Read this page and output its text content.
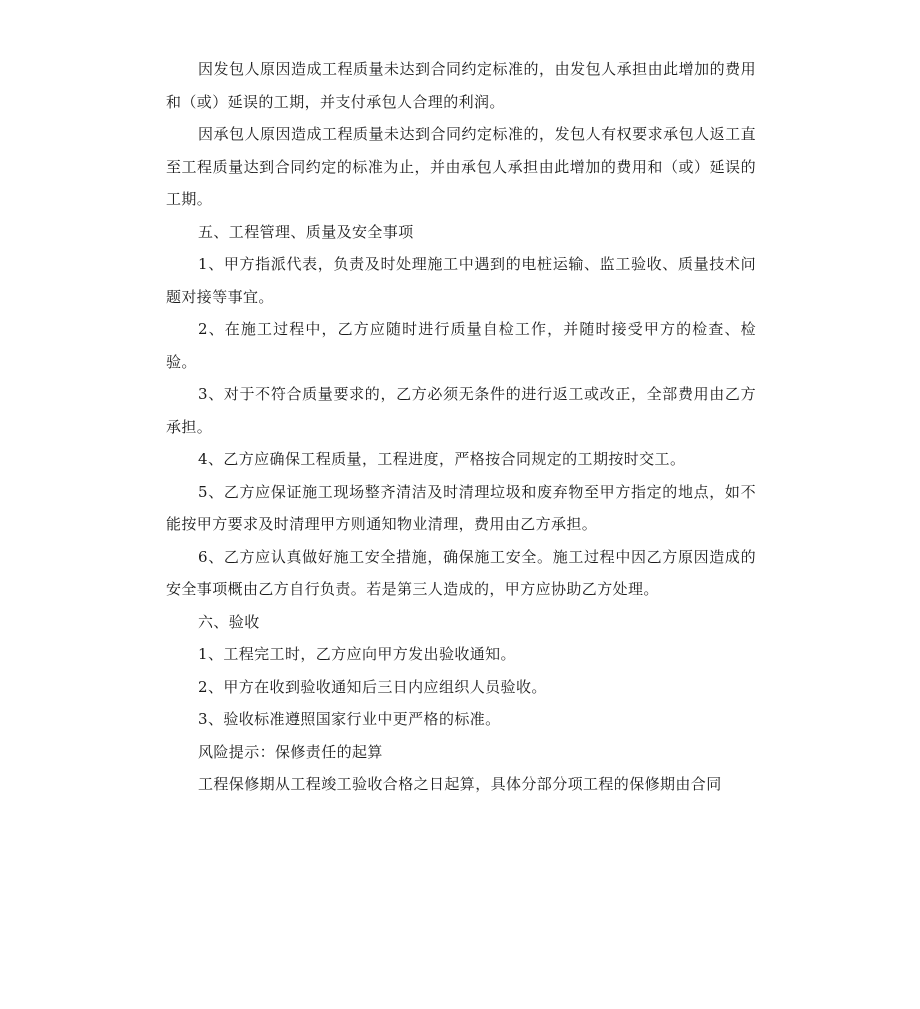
因发包人原因造成工程质量未达到合同约定标准的，由发包人承担由此增加的费用和（或）延误的工期，并支付承包人合理的利润。

因承包人原因造成工程质量未达到合同约定标准的，发包人有权要求承包人返工直至工程质量达到合同约定的标准为止，并由承包人承担由此增加的费用和（或）延误的工期。

五、工程管理、质量及安全事项

1、甲方指派代表，负责及时处理施工中遇到的电桩运输、监工验收、质量技术问题对接等事宜。

2、在施工过程中，乙方应随时进行质量自检工作，并随时接受甲方的检查、检验。

3、对于不符合质量要求的，乙方必须无条件的进行返工或改正，全部费用由乙方承担。

4、乙方应确保工程质量，工程进度，严格按合同规定的工期按时交工。

5、乙方应保证施工现场整齐清洁及时清理垃圾和废弃物至甲方指定的地点，如不能按甲方要求及时清理甲方则通知物业清理，费用由乙方承担。

6、乙方应认真做好施工安全措施，确保施工安全。施工过程中因乙方原因造成的安全事项概由乙方自行负责。若是第三人造成的，甲方应协助乙方处理。

六、验收

1、工程完工时，乙方应向甲方发出验收通知。

2、甲方在收到验收通知后三日内应组织人员验收。

3、验收标准遵照国家行业中更严格的标准。

风险提示：保修责任的起算

工程保修期从工程竣工验收合格之日起算，具体分部分项工程的保修期由合同
